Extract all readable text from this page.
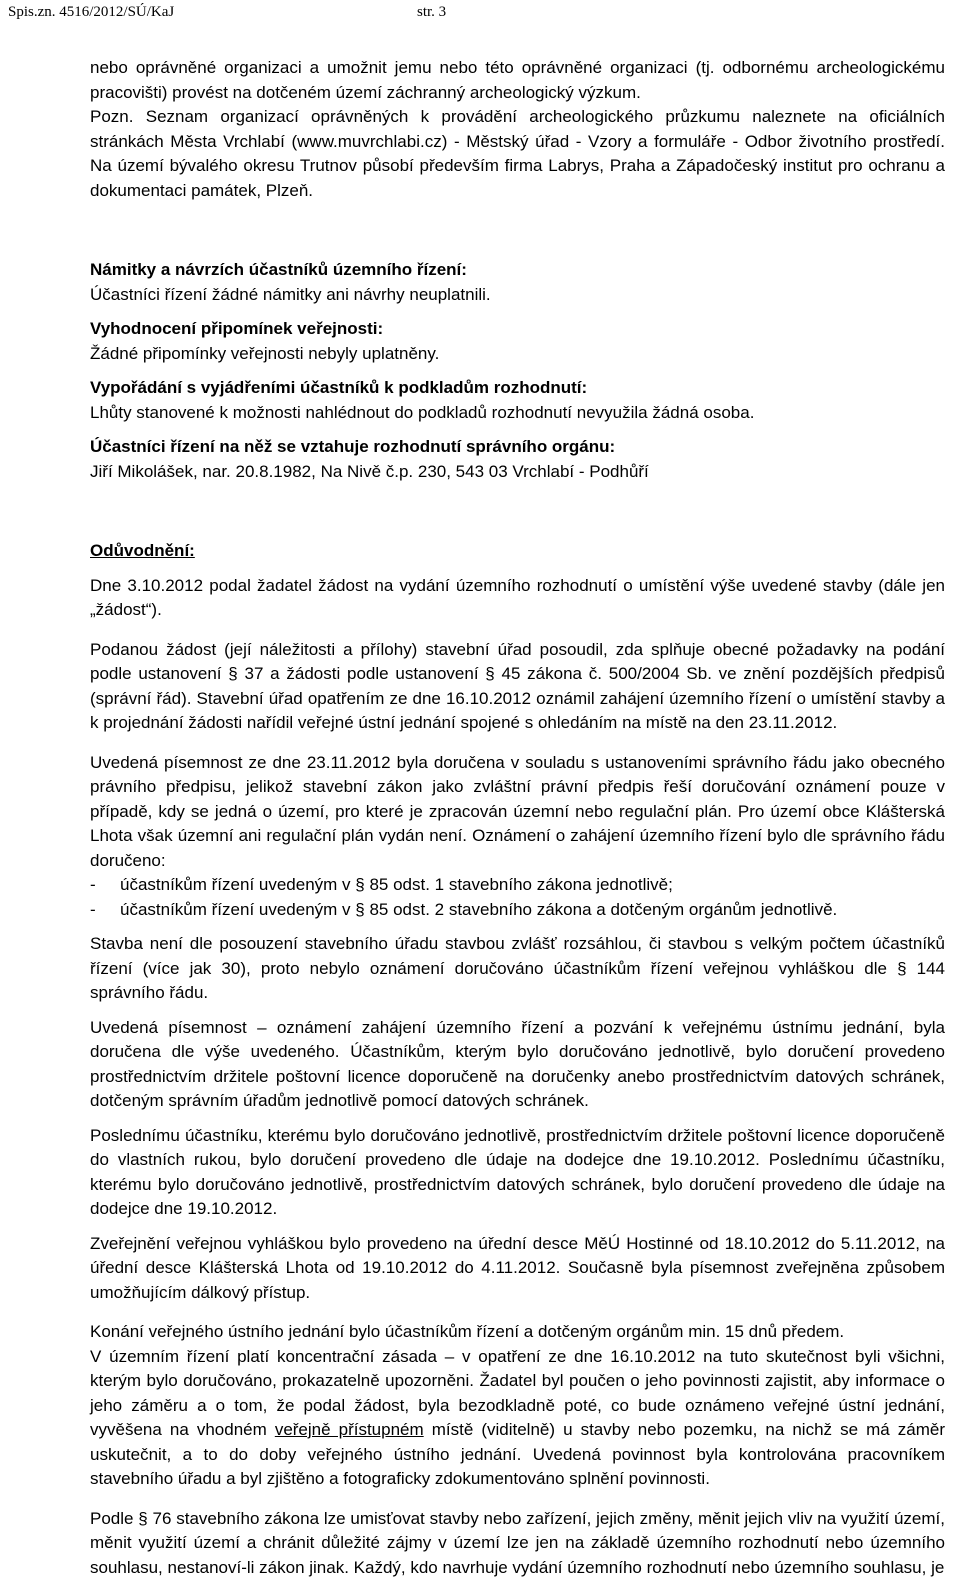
Spis.zn. 4516/2012/SÚ/KaJ	str. 3

nebo oprávněné organizaci a umožnit jemu nebo této oprávněné organizaci (tj. odbornému archeologickému pracovišti) provést na dotčeném území záchranný archeologický výzkum.

Pozn. Seznam organizací oprávněných k provádění archeologického průzkumu naleznete na oficiálních stránkách Města Vrchlabí (www.muvrchlabi.cz) - Městský úřad - Vzory a formuláře - Odbor životního prostředí. Na území bývalého okresu Trutnov působí především firma Labrys, Praha a Západočeský institut pro ochranu a dokumentaci památek, Plzeň.

Námitky a návrzích účastníků územního řízení:

Účastníci řízení žádné námitky ani návrhy neuplatnili.

Vyhodnocení připomínek veřejnosti:

Žádné připomínky veřejnosti nebyly uplatněny.

Vypořádání s vyjádřeními účastníků k podkladům rozhodnutí:

Lhůty stanovené k možnosti nahlédnout do podkladů rozhodnutí nevyužila žádná osoba.

Účastníci řízení na něž se vztahuje rozhodnutí správního orgánu:

Jiří Mikolášek, nar. 20.8.1982, Na Nivě č.p. 230, 543 03 Vrchlabí - Podhůří

Odůvodnění:

Dne 3.10.2012 podal žadatel žádost na vydání územního rozhodnutí o umístění výše uvedené stavby (dále jen „žádost“).

Podanou žádost (její náležitosti a přílohy) stavební úřad posoudil, zda splňuje obecné požadavky na podání podle ustanovení § 37 a žádosti podle ustanovení § 45 zákona č. 500/2004 Sb. ve znění pozdějších předpisů (správní řád). Stavební úřad opatřením ze dne 16.10.2012 oznámil zahájení územního řízení o umístění stavby a k projednání žádosti nařídil veřejné ústní jednání spojené s ohledáním na místě na den 23.11.2012.

Uvedená písemnost ze dne 23.11.2012 byla doručena v souladu s ustanoveními správního řádu jako obecného právního předpisu, jelikož stavební zákon jako zvláštní právní předpis řeší doručování oznámení pouze v případě, kdy se jedná o území, pro které je zpracován územní nebo regulační plán. Pro území obce Klášterská Lhota však územní ani regulační plán vydán není. Oznámení o zahájení územního řízení bylo dle správního řádu doručeno:

- účastníkům řízení uvedeným v § 85 odst. 1 stavebního zákona jednotlivě;

- účastníkům řízení uvedeným v § 85 odst. 2 stavebního zákona a dotčeným orgánům jednotlivě.

Stavba není dle posouzení stavebního úřadu stavbou zvlášť rozsáhlou, či stavbou s velkým počtem účastníků řízení (více jak 30), proto nebylo oznámení doručováno účastníkům řízení veřejnou vyhláškou dle § 144 správního řádu.

Uvedená písemnost – oznámení zahájení územního řízení a pozvání k veřejnému ústnímu jednání, byla doručena dle výše uvedeného. Účastníkům, kterým bylo doručováno jednotlivě, bylo doručení provedeno prostřednictvím držitele poštovní licence doporučeně na doručenky anebo prostřednictvím datových schránek, dotčeným správním úřadům jednotlivě pomocí datových schránek.

Poslednímu účastníku, kterému bylo doručováno jednotlivě, prostřednictvím držitele poštovní licence doporučeně do vlastních rukou, bylo doručení provedeno dle údaje na dodejce dne 19.10.2012. Poslednímu účastníku, kterému bylo doručováno jednotlivě, prostřednictvím datových schránek, bylo doručení provedeno dle údaje na dodejce dne 19.10.2012.

Zveřejnění veřejnou vyhláškou bylo provedeno na úřední desce MěÚ Hostinné od 18.10.2012 do 5.11.2012, na úřední desce Klášterská Lhota od 19.10.2012 do 4.11.2012. Současně byla písemnost zveřejněna způsobem umožňujícím dálkový přístup.

Konání veřejného ústního jednání bylo účastníkům řízení a dotčeným orgánům min. 15 dnů předem.

V územním řízení platí koncentrační zásada – v opatření ze dne 16.10.2012 na tuto skutečnost byli všichni, kterým bylo doručováno, prokazatelně upozorněni. Žadatel byl poučen o jeho povinnosti zajistit, aby informace o jeho záměru a o tom, že podal žádost, byla bezodkladně poté, co bude oznámeno veřejné ústní jednání, vyvěšena na vhodném veřejně přístupném místě (viditelně) u stavby nebo pozemku, na nichž se má záměr uskutečnit, a to do doby veřejného ústního jednání. Uvedená povinnost byla kontrolována pracovníkem stavebního úřadu a byl zjištěno a fotograficky zdokumentováno splnění povinnosti.

Podle § 76 stavebního zákona lze umisťovat stavby nebo zařízení, jejich změny, měnit jejich vliv na využití území, měnit využití území a chránit důležité zájmy v území lze jen na základě územního rozhodnutí nebo územního souhlasu, nestanoví-li zákon jinak. Každý, kdo navrhuje vydání územního rozhodnutí nebo územního souhlasu, je
